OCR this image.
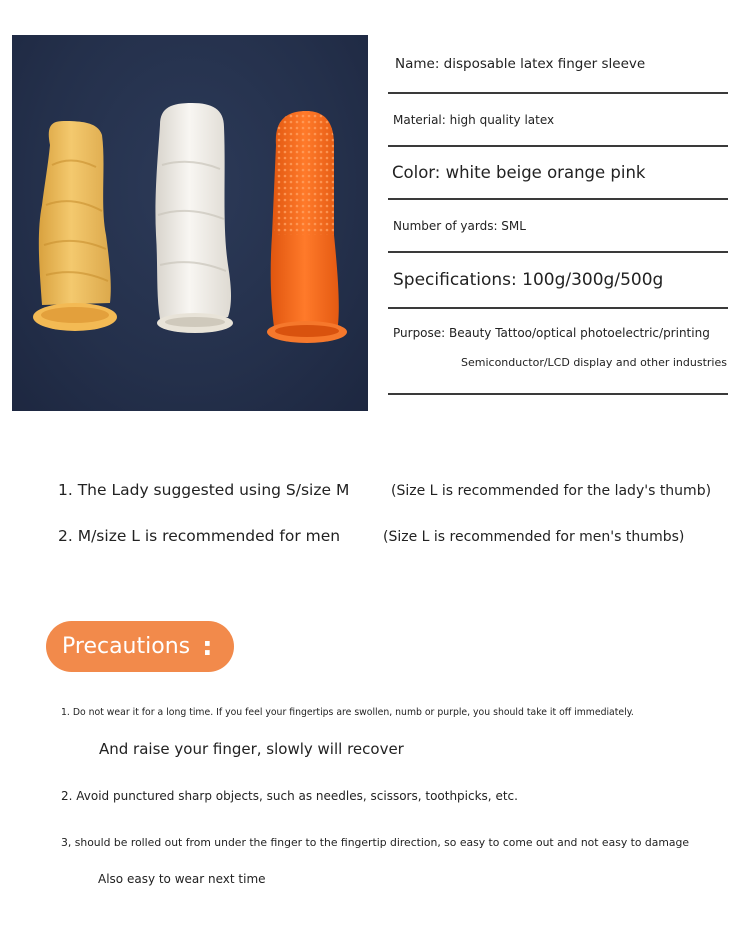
Name: disposable latex finger sleeve
Material: high quality latex
Color: white beige orange pink
Number of yards: SML
Specifications: 100g/300g/500g
Purpose: Beauty Tattoo/optical photoelectric/printing
Semiconductor/LCD display and other industries
1. The Lady suggested using S/size M	(Size L is recommended for the lady's thumb)
2. M/size L is recommended for men	(Size L is recommended for men's thumbs)
Precautions :
1. Do not wear it for a long time. If you feel your fingertips are swollen, numb or purple, you should take it off immediately.
And raise your finger, slowly will recover
2. Avoid punctured sharp objects, such as needles, scissors, toothpicks, etc.
3, should be rolled out from under the finger to the fingertip direction, so easy to come out and not easy to damage
Also easy to wear next time
